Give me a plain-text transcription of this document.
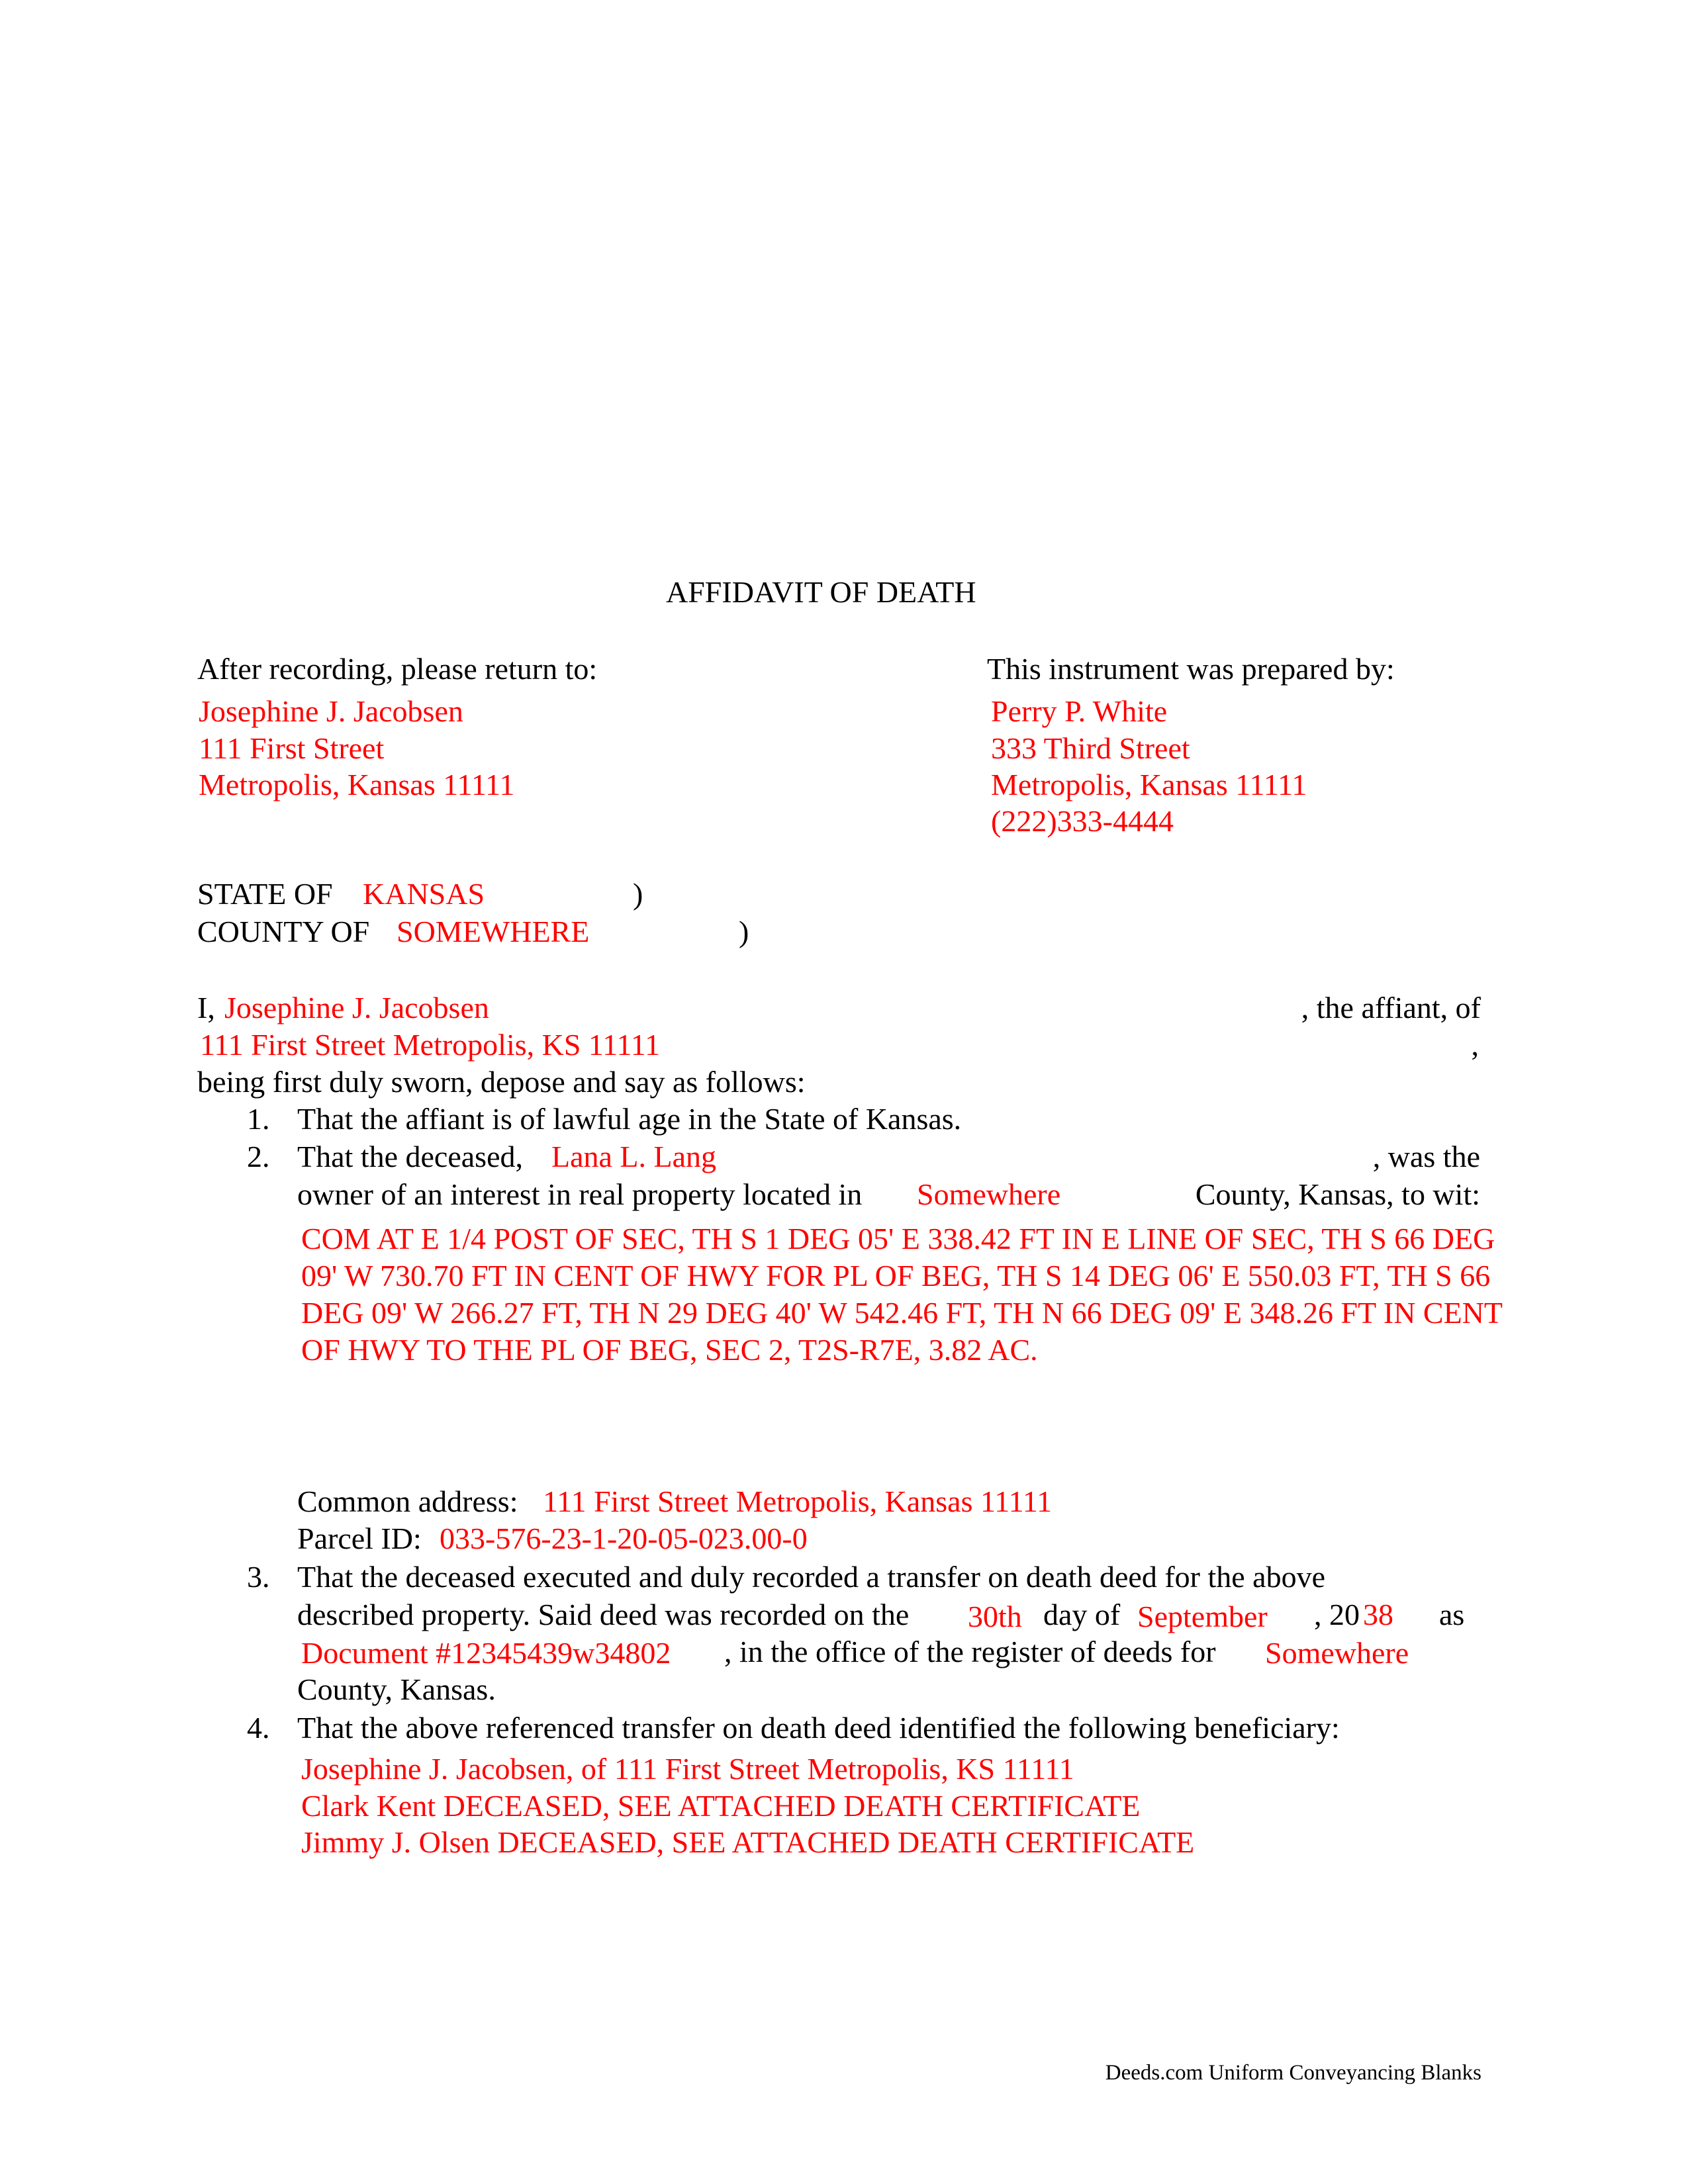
AFFIDAVIT OF DEATH
After recording, please return to:
Josephine J. Jacobsen
111 First Street
Metropolis, Kansas 11111
This instrument was prepared by:
Perry P. White
333 Third Street
Metropolis, Kansas 11111
(222)333-4444
STATE OF KANSAS	)
COUNTY OF SOMEWHERE	)
I, Josephine J. Jacobsen	, the affiant, of
111 First Street Metropolis, KS 11111	,
being first duly sworn, depose and say as follows:
1. That the affiant is of lawful age in the State of Kansas.
2. That the deceased, Lana L. Lang	, was the
owner of an interest in real property located in Somewhere	County, Kansas, to wit:
COM AT E 1/4 POST OF SEC, TH S 1 DEG 05' E 338.42 FT IN E LINE OF SEC, TH S 66 DEG 09' W 730.70 FT IN CENT OF HWY FOR PL OF BEG, TH S 14 DEG 06' E 550.03 FT, TH S 66 DEG 09' W 266.27 FT, TH N 29 DEG 40' W 542.46 FT, TH N 66 DEG 09' E 348.26 FT IN CENT OF HWY TO THE PL OF BEG, SEC 2, T2S-R7E, 3.82 AC.
Common address: 111 First Street Metropolis, Kansas 11111
Parcel ID: 033-576-23-1-20-05-023.00-0
3. That the deceased executed and duly recorded a transfer on death deed for the above
described property. Said deed was recorded on the 30th day of September , 20 38 as
Document #12345439w34802 , in the office of the register of deeds for Somewhere
County, Kansas.
4. That the above referenced transfer on death deed identified the following beneficiary:
Josephine J. Jacobsen, of 111 First Street Metropolis, KS 11111
Clark Kent DECEASED, SEE ATTACHED DEATH CERTIFICATE
Jimmy J. Olsen DECEASED, SEE ATTACHED DEATH CERTIFICATE
Deeds.com Uniform Conveyancing Blanks
